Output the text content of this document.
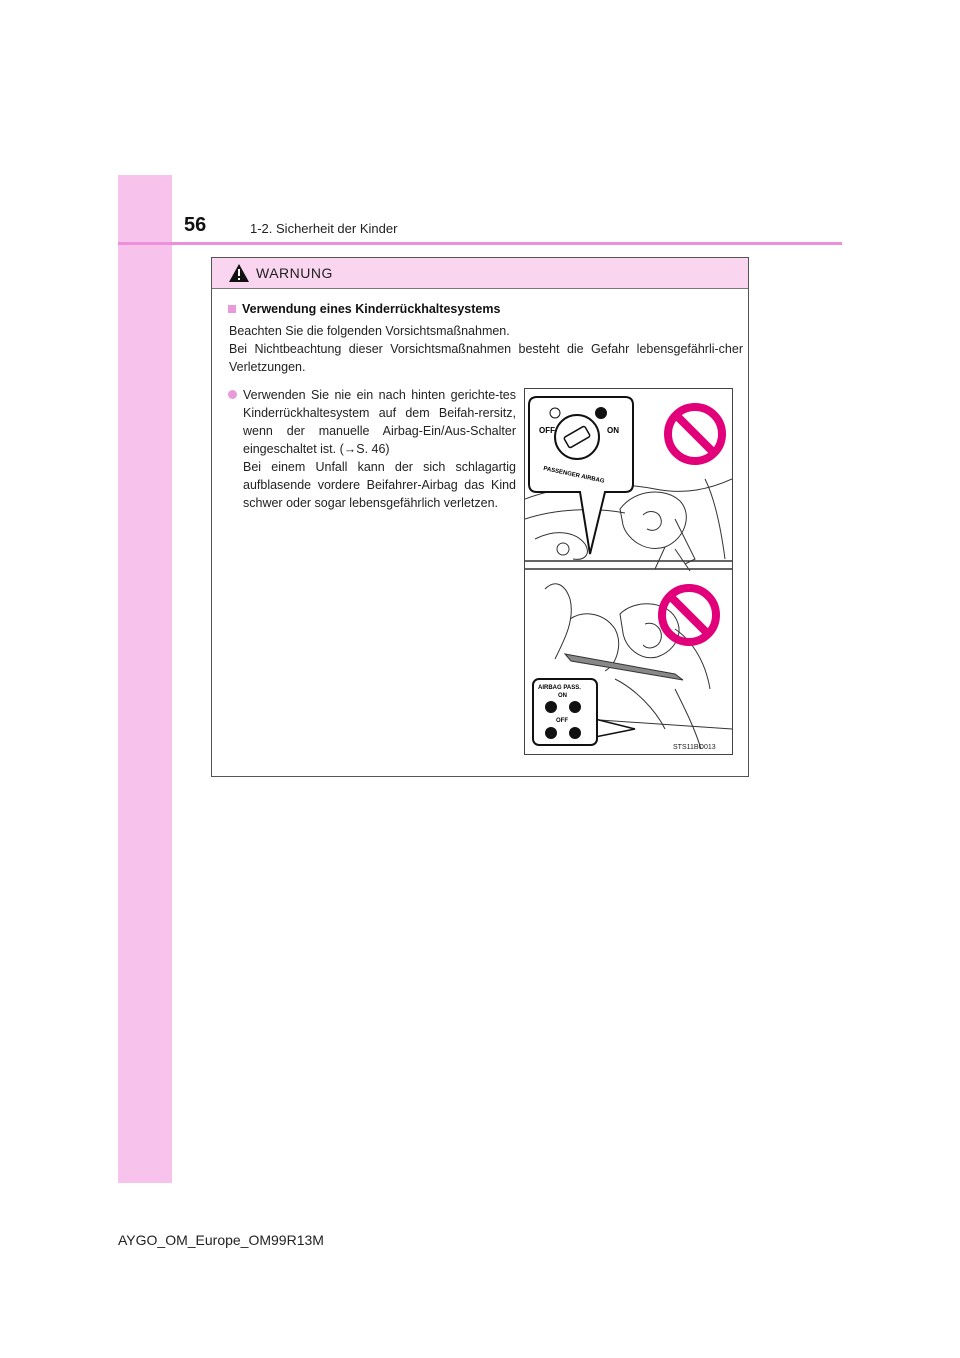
56	1-2. Sicherheit der Kinder
WARNUNG
Verwendung eines Kinderrückhaltesystems

Beachten Sie die folgenden Vorsichtsmaßnahmen.

Bei Nichtbeachtung dieser Vorsichtsmaßnahmen besteht die Gefahr lebensgefährli-cher Verletzungen.

Verwenden Sie nie ein nach hinten gerichte-tes Kinderrückhaltesystem auf dem Beifah-rersitz, wenn der manuelle Airbag-Ein/Aus-Schalter eingeschaltet ist. (→S. 46)

Bei einem Unfall kann der sich schlagartig aufblasende vordere Beifahrer-Airbag das Kind schwer oder sogar lebensgefährlich verletzen.

OFF	ON
PASSENGER AIRBAG
AIRBAG PASS.
ON
OFF
STS11BO013
AYGO_OM_Europe_OM99R13M
